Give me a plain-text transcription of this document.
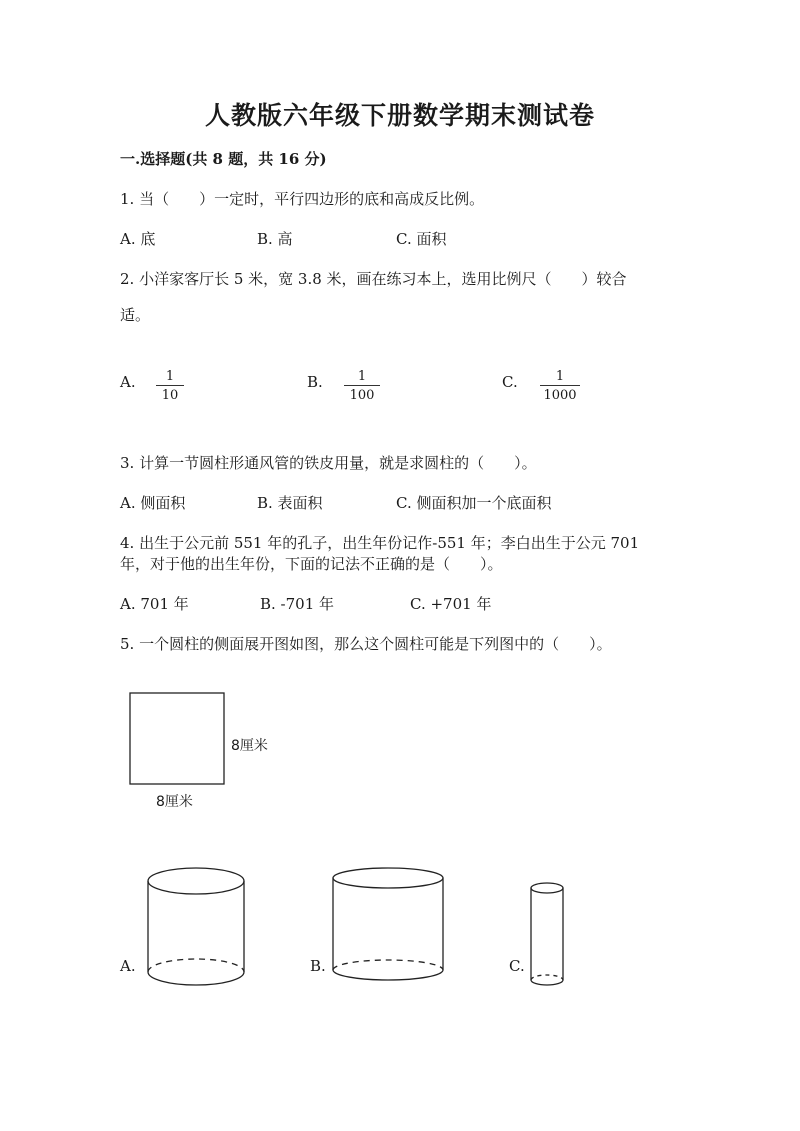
人教版六年级下册数学期末测试卷
一.选择题(共 8 题，共 16 分)
1. 当（　　）一定时，平行四边形的底和高成反比例。
A. 底	B. 高	C. 面积
2. 小洋家客厅长 5 米，宽 3.8 米，画在练习本上，选用比例尺（　　）较合
适。
A.	1
10
B.	1
100
C.	1
1000
3. 计算一节圆柱形通风管的铁皮用量，就是求圆柱的（　　）。
A. 侧面积	B. 表面积	C. 侧面积加一个底面积
4. 出生于公元前 551 年的孔子，出生年份记作-551 年；李白出生于公元 701
年，对于他的出生年份，下面的记法不正确的是（　　）。
A. 701 年	B. -701 年	C. +701 年
5. 一个圆柱的侧面展开图如图，那么这个圆柱可能是下列图中的（　　）。
8厘米
8厘米
A.	B.	C.
